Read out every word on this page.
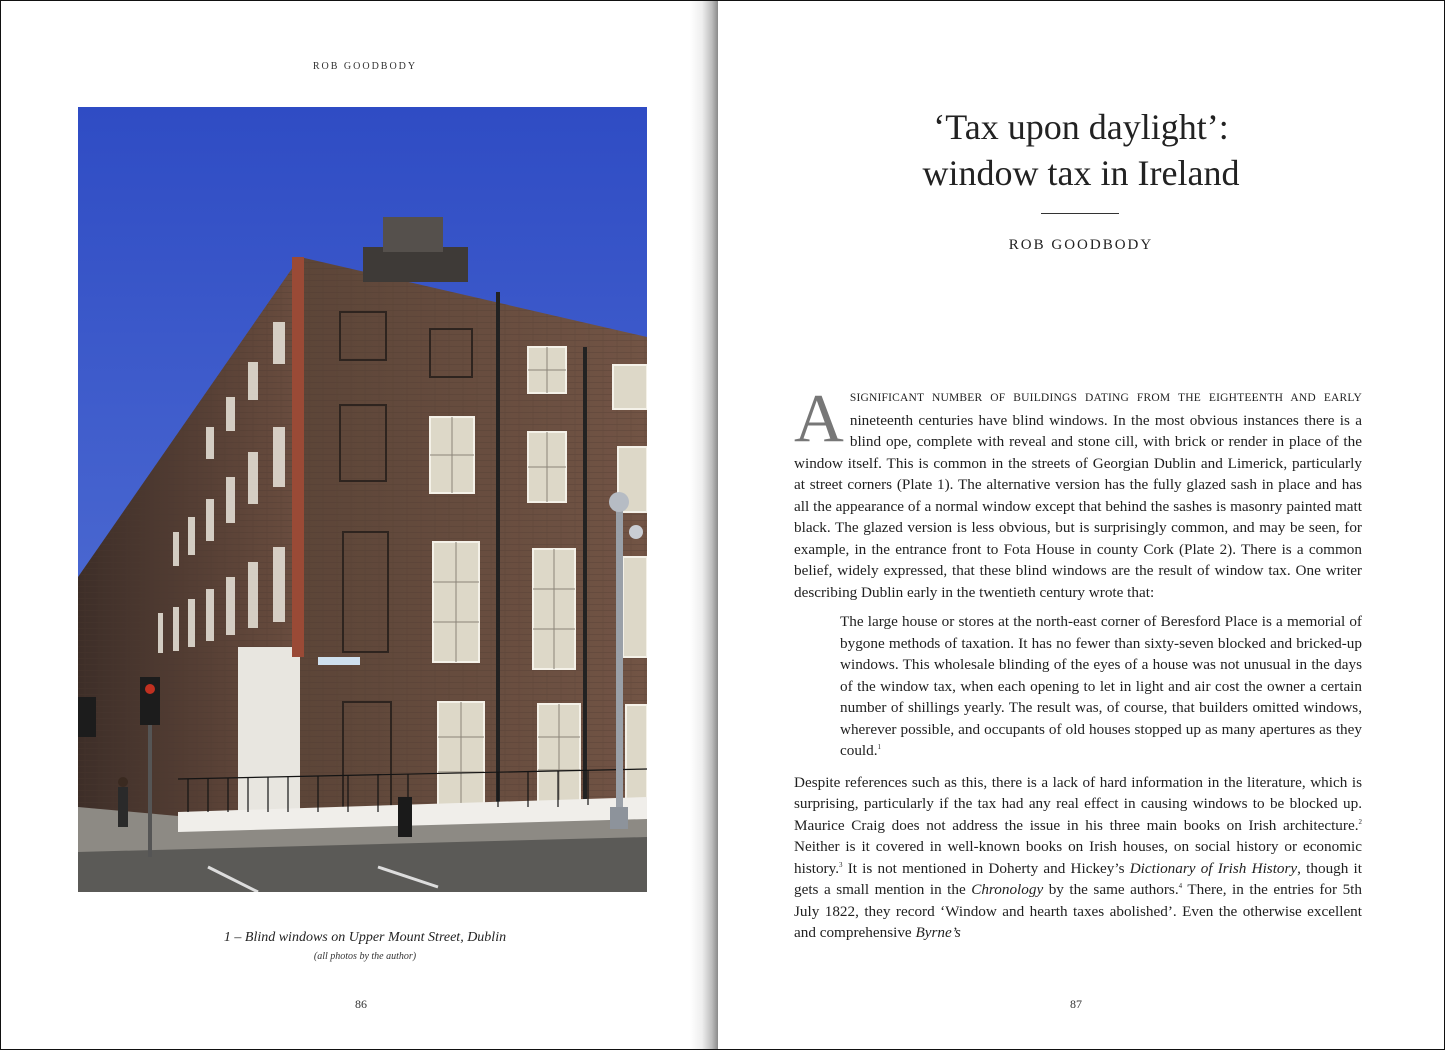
ROB GOODBODY
1 – Blind windows on Upper Mount Street, Dublin
(all photos by the author)
86
‘Tax upon daylight’:
window tax in Ireland
ROB GOODBODY

ASIGNIFICANT NUMBER OF BUILDINGS DATING FROM THE EIGHTEENTH AND EARLY nineteenth centuries have blind windows. In the most obvious instances there is a blind ope, complete with reveal and stone cill, with brick or render in place of the window itself. This is common in the streets of Georgian Dublin and Limerick, particularly at street corners (Plate 1). The alternative version has the fully glazed sash in place and has all the appearance of a normal window except that behind the sashes is masonry painted matt black. The glazed version is less obvious, but is surprisingly common, and may be seen, for example, in the entrance front to Fota House in county Cork (Plate 2). There is a common belief, widely expressed, that these blind windows are the result of window tax. One writer describing Dublin early in the twentieth century wrote that:

The large house or stores at the north-east corner of Beresford Place is a memorial of bygone methods of taxation. It has no fewer than sixty-seven blocked and bricked-up windows. This wholesale blinding of the eyes of a house was not unusual in the days of the window tax, when each opening to let in light and air cost the owner a certain number of shillings yearly. The result was, of course, that builders omitted windows, wherever possible, and occupants of old houses stopped up as many apertures as they could.$^1$

Despite references such as this, there is a lack of hard information in the literature, which is surprising, particularly if the tax had any real effect in causing windows to be blocked up. Maurice Craig does not address the issue in his three main books on Irish architecture.$^2$ Neither is it covered in well-known books on Irish houses, on social history or economic history.$^3$ It is not mentioned in Doherty and Hickey’s Dictionary of Irish History, though it gets a small mention in the Chronology by the same authors.$^4$ There, in the entries for 5th July 1822, they record ‘Window and hearth taxes abolished’. Even the otherwise excellent and comprehensive Byrne’s

87
